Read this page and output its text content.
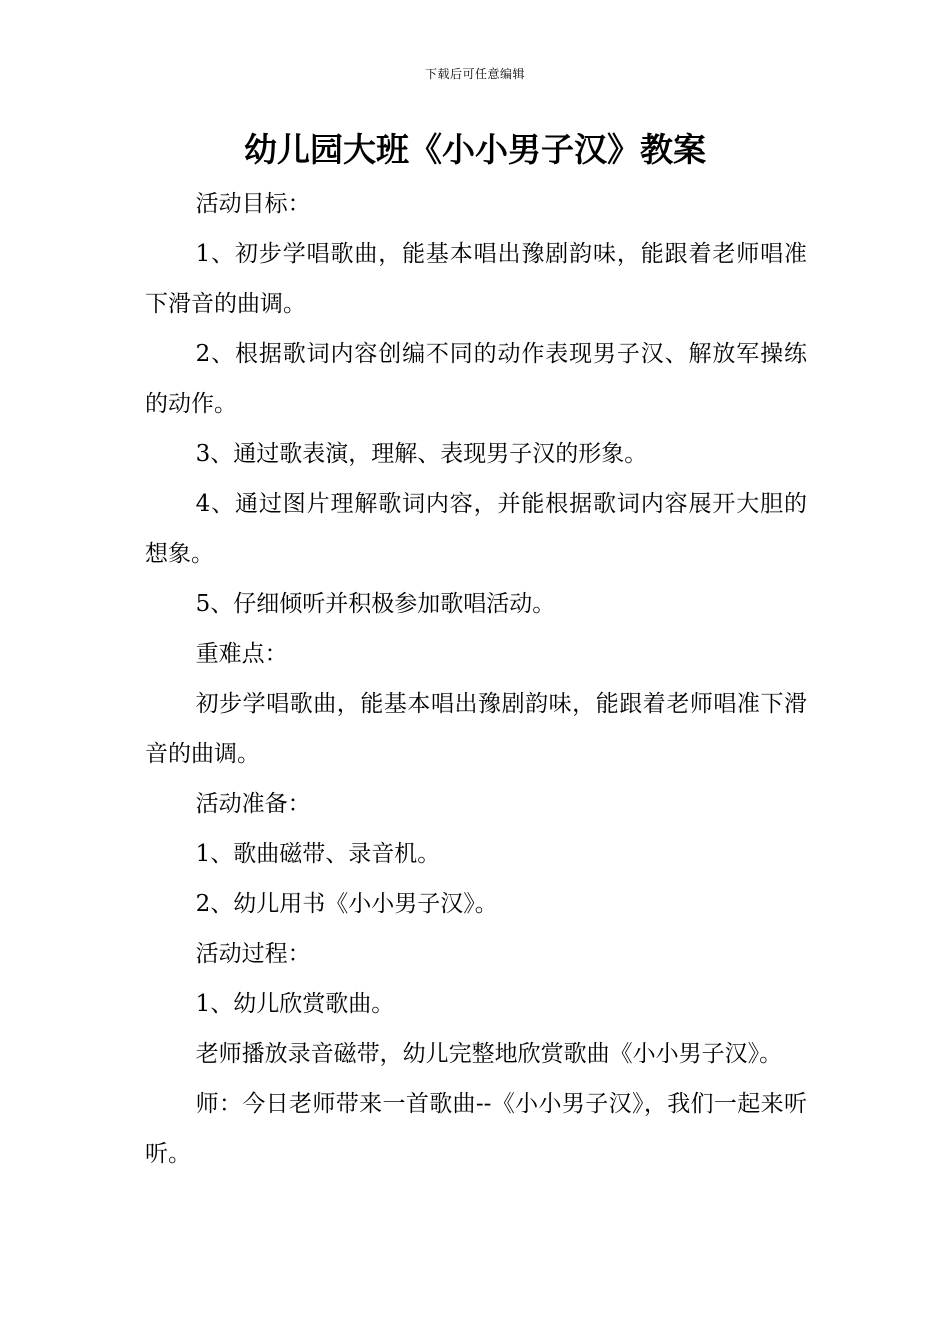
下载后可任意编辑
幼儿园大班《小小男子汉》教案

活动目标：

1、初步学唱歌曲，能基本唱出豫剧韵味，能跟着老师唱准下滑音的曲调。

2、根据歌词内容创编不同的动作表现男子汉、解放军操练的动作。

3、通过歌表演，理解、表现男子汉的形象。

4、通过图片理解歌词内容，并能根据歌词内容展开大胆的想象。

5、仔细倾听并积极参加歌唱活动。

重难点：

初步学唱歌曲，能基本唱出豫剧韵味，能跟着老师唱准下滑音的曲调。

活动准备：

1、歌曲磁带、录音机。

2、幼儿用书《小小男子汉》。

活动过程：

1、幼儿欣赏歌曲。

老师播放录音磁带，幼儿完整地欣赏歌曲《小小男子汉》。

师：今日老师带来一首歌曲--《小小男子汉》，我们一起来听听。
